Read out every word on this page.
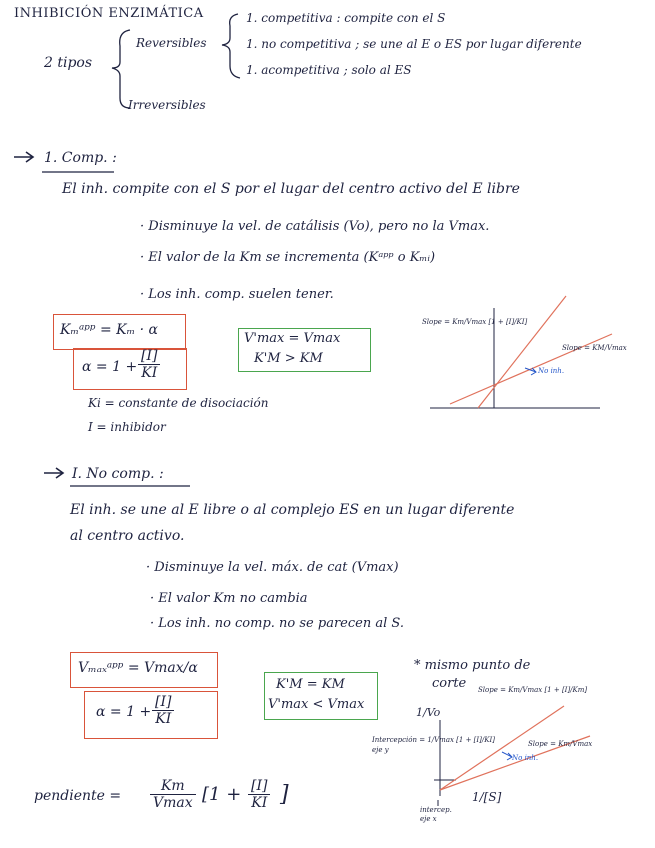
INHIBICIÓN ENZIMÁTICA
2 tipos
Reversibles
Irreversibles
1. competitiva : compite con el S
1. no competitiva ; se une al E o ES por lugar diferente
1. acompetitiva ; solo al ES
1. Comp. :
El inh. compite con el S por el lugar del centro activo del E libre
· Disminuye la vel. de catálisis (Vo), pero no la Vmax.
· El valor de la Km se incrementa (Kᵃᵖᵖ o Kₘᵢ)
· Los inh. comp. suelen tener.
Kₘᵃᵖᵖ = Kₘ · α
$\alpha = 1 + \frac{[I]}{KI}$
V'max = Vmax
K'M > KM
Ki = constante de disociación
I = inhibidor
Slope = Km/Vmax [1 + [I]/KI]
Slope = KM/Vmax
No inh.
I. No comp. :
El inh. se une al E libre o al complejo ES en un lugar diferente
al centro activo.
· Disminuye la vel. máx. de cat (Vmax)
· El valor Km no cambia
· Los inh. no comp. no se parecen al S.
Vₘₐₓᵃᵖᵖ = Vmax/α
$\alpha = 1 + \frac{[I]}{KI}$
K'M = KM
V'max < Vmax
* mismo punto de
corte
1/Vo
1/[S]
Slope = Km/Vmax [1 + [I]/Km]
Slope = Km/Vmax
No inh.
Intercepción = 1/Vmax [1 + [I]/KI]
eje y
intercep.
eje x
pendiente =
Km
Vmax [$1 + \frac{[I]}{KI}$ ]
